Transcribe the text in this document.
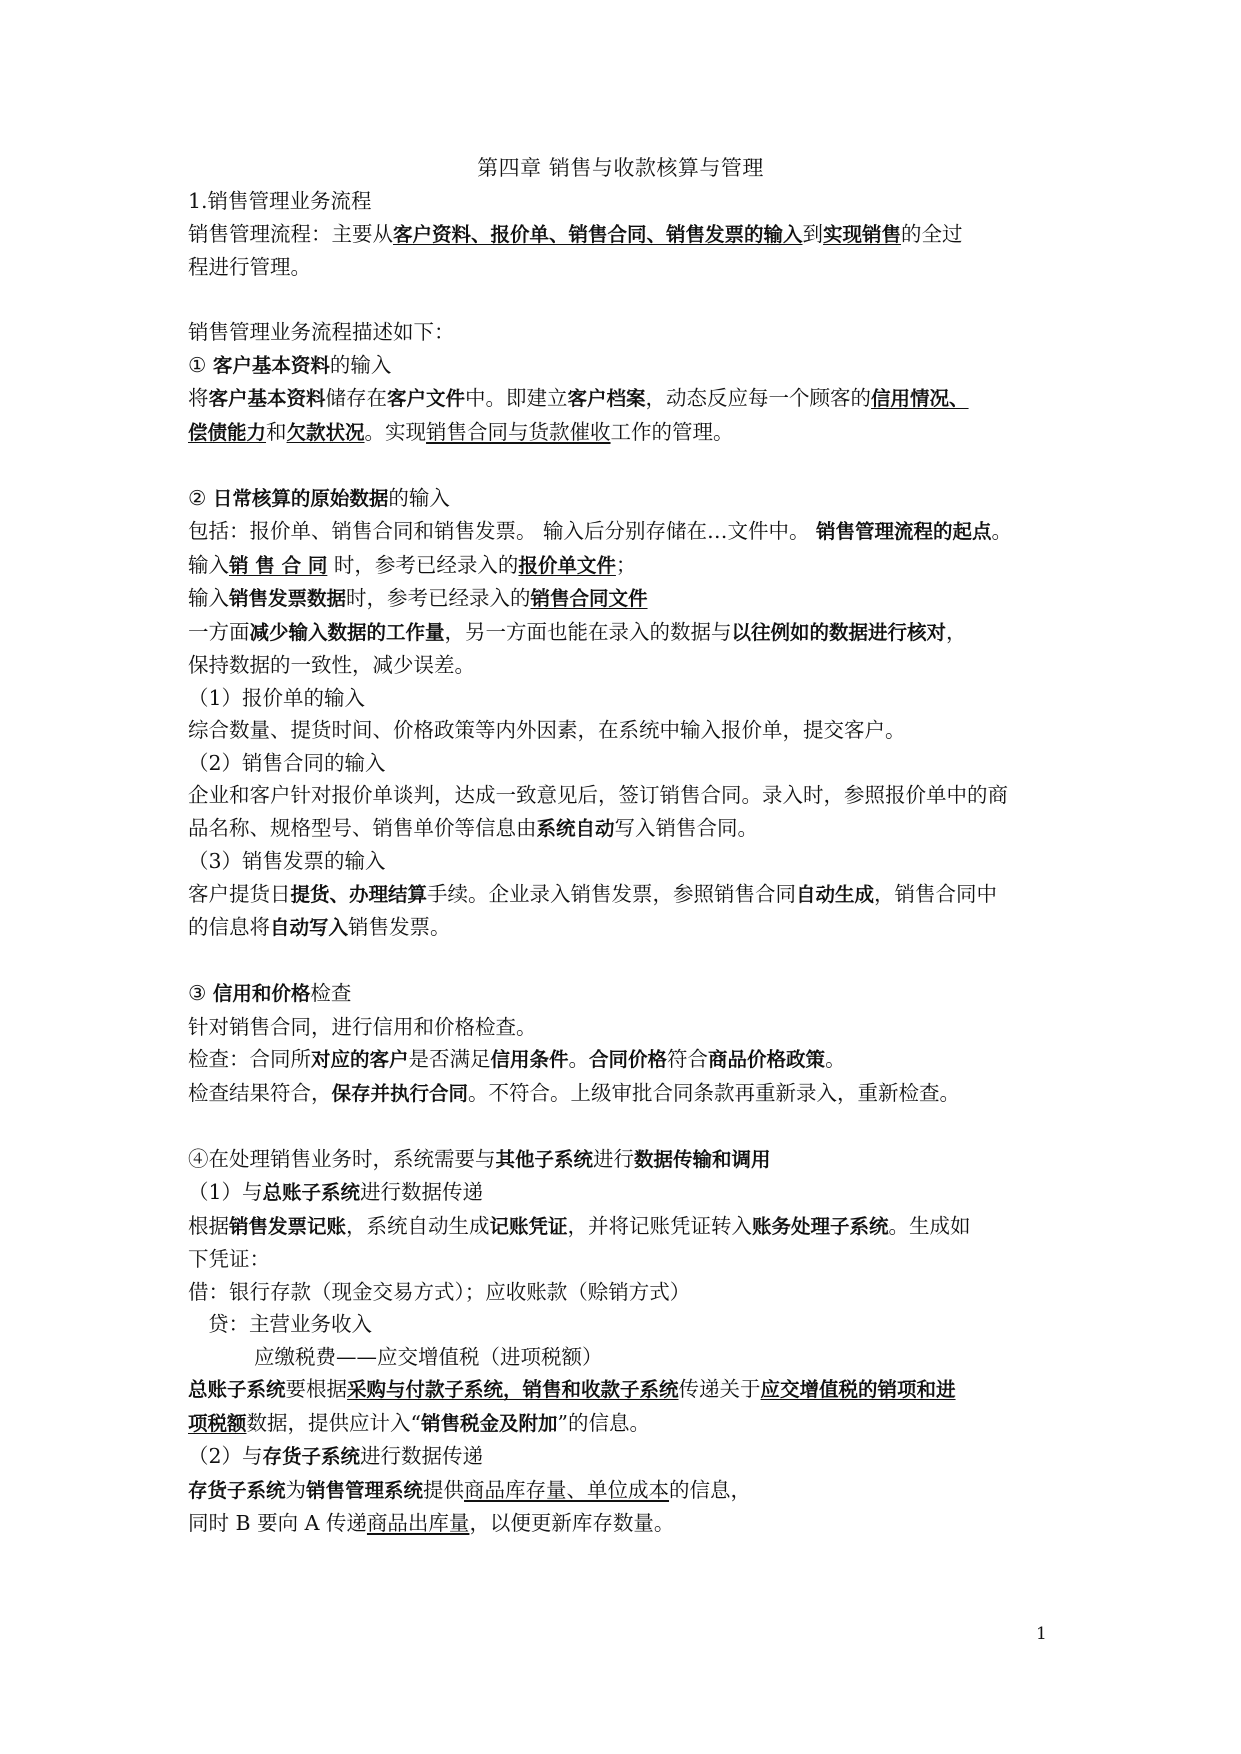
第四章 销售与收款核算与管理
1.销售管理业务流程
销售管理流程：主要从客户资料、报价单、销售合同、销售发票的输入到实现销售的全过
程进行管理。
销售管理业务流程描述如下：
① 客户基本资料的输入
将客户基本资料储存在客户文件中。即建立客户档案，动态反应每一个顾客的信用情况、
偿债能力和欠款状况。实现销售合同与货款催收工作的管理。
② 日常核算的原始数据的输入
包括：报价单、销售合同和销售发票。 输入后分别存储在…文件中。 销售管理流程的起点。
输入销 售 合 同 时，参考已经录入的报价单文件；
输入销售发票数据时，参考已经录入的销售合同文件
一方面减少输入数据的工作量，另一方面也能在录入的数据与以往例如的数据进行核对，
保持数据的一致性，减少误差。
（1）报价单的输入
综合数量、提货时间、价格政策等内外因素，在系统中输入报价单，提交客户。
（2）销售合同的输入
企业和客户针对报价单谈判，达成一致意见后，签订销售合同。录入时，参照报价单中的商
品名称、规格型号、销售单价等信息由系统自动写入销售合同。
（3）销售发票的输入
客户提货日提货、办理结算手续。企业录入销售发票，参照销售合同自动生成，销售合同中
的信息将自动写入销售发票。
③ 信用和价格检查
针对销售合同，进行信用和价格检查。
检查：合同所对应的客户是否满足信用条件。合同价格符合商品价格政策。
检查结果符合，保存并执行合同。不符合。上级审批合同条款再重新录入，重新检查。
④在处理销售业务时，系统需要与其他子系统进行数据传输和调用
（1）与总账子系统进行数据传递
根据销售发票记账，系统自动生成记账凭证，并将记账凭证转入账务处理子系统。生成如
下凭证：
借：银行存款（现金交易方式）；应收账款（赊销方式）
贷：主营业务收入
应缴税费——应交增值税（进项税额）
总账子系统要根据采购与付款子系统，销售和收款子系统传递关于应交增值税的销项和进
项税额数据，提供应计入“销售税金及附加”的信息。
（2）与存货子系统进行数据传递
存货子系统为销售管理系统提供商品库存量、单位成本的信息，
同时 B 要向 A 传递商品出库量，以便更新库存数量。
1
